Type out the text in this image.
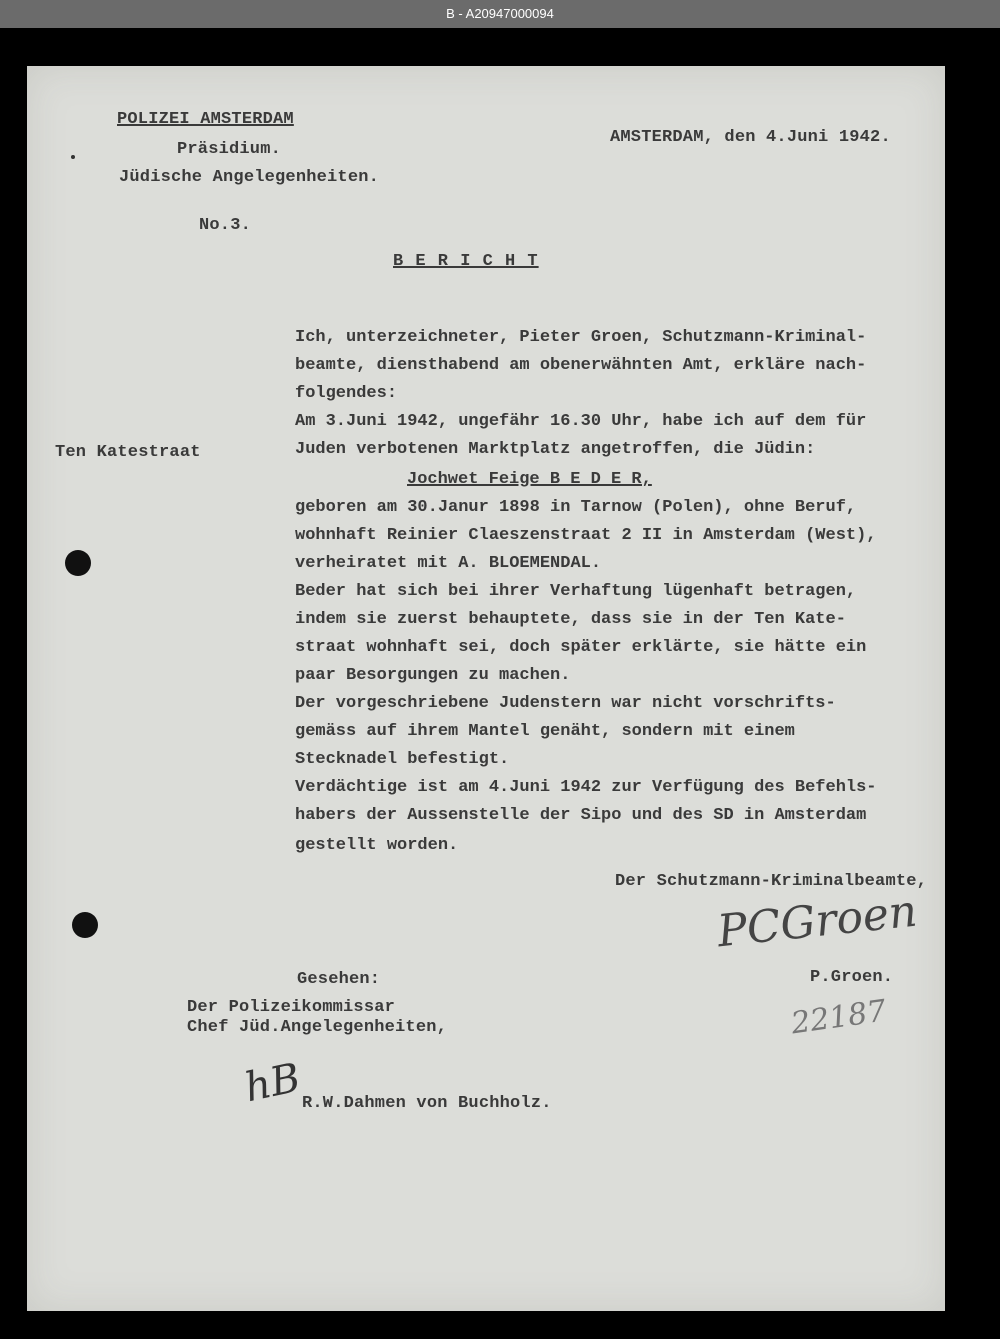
B - A20947000094
POLIZEI AMSTERDAM
Präsidium.
Jüdische Angelegenheiten.
AMSTERDAM, den 4.Juni 1942.
No.3.
B E R I C H T
Ten Katestraat
Ich, unterzeichneter, Pieter Groen, Schutzmann-Kriminal-
beamte, diensthabend am obenerwähnten Amt, erkläre nach-
folgendes:
Am 3.Juni 1942, ungefähr 16.30 Uhr, habe ich auf dem für
Juden verbotenen Marktplatz angetroffen, die Jüdin:
Jochwet Feige B E D E R,
geboren am 30.Janur 1898 in Tarnow (Polen), ohne Beruf,
wohnhaft Reinier Claeszenstraat 2 II in Amsterdam (West),
verheiratet mit A. BLOEMENDAL.
Beder hat sich bei ihrer Verhaftung lügenhaft betragen,
indem sie zuerst behauptete, dass sie in der Ten Kate-
straat wohnhaft sei, doch später erklärte, sie hätte ein
paar Besorgungen zu machen.
Der vorgeschriebene Judenstern war nicht vorschrifts-
gemäss auf ihrem Mantel genäht, sondern mit einem
Stecknadel befestigt.
Verdächtige ist am 4.Juni 1942 zur Verfügung des Befehls-
habers der Aussenstelle der Sipo und des SD in Amsterdam
gestellt worden.
Der Schutzmann-Kriminalbeamte,
PCGroen
P.Groen.
22187
Gesehen:
Der Polizeikommissar
Chef Jüd.Angelegenheiten,
hB
R.W.Dahmen von Buchholz.
